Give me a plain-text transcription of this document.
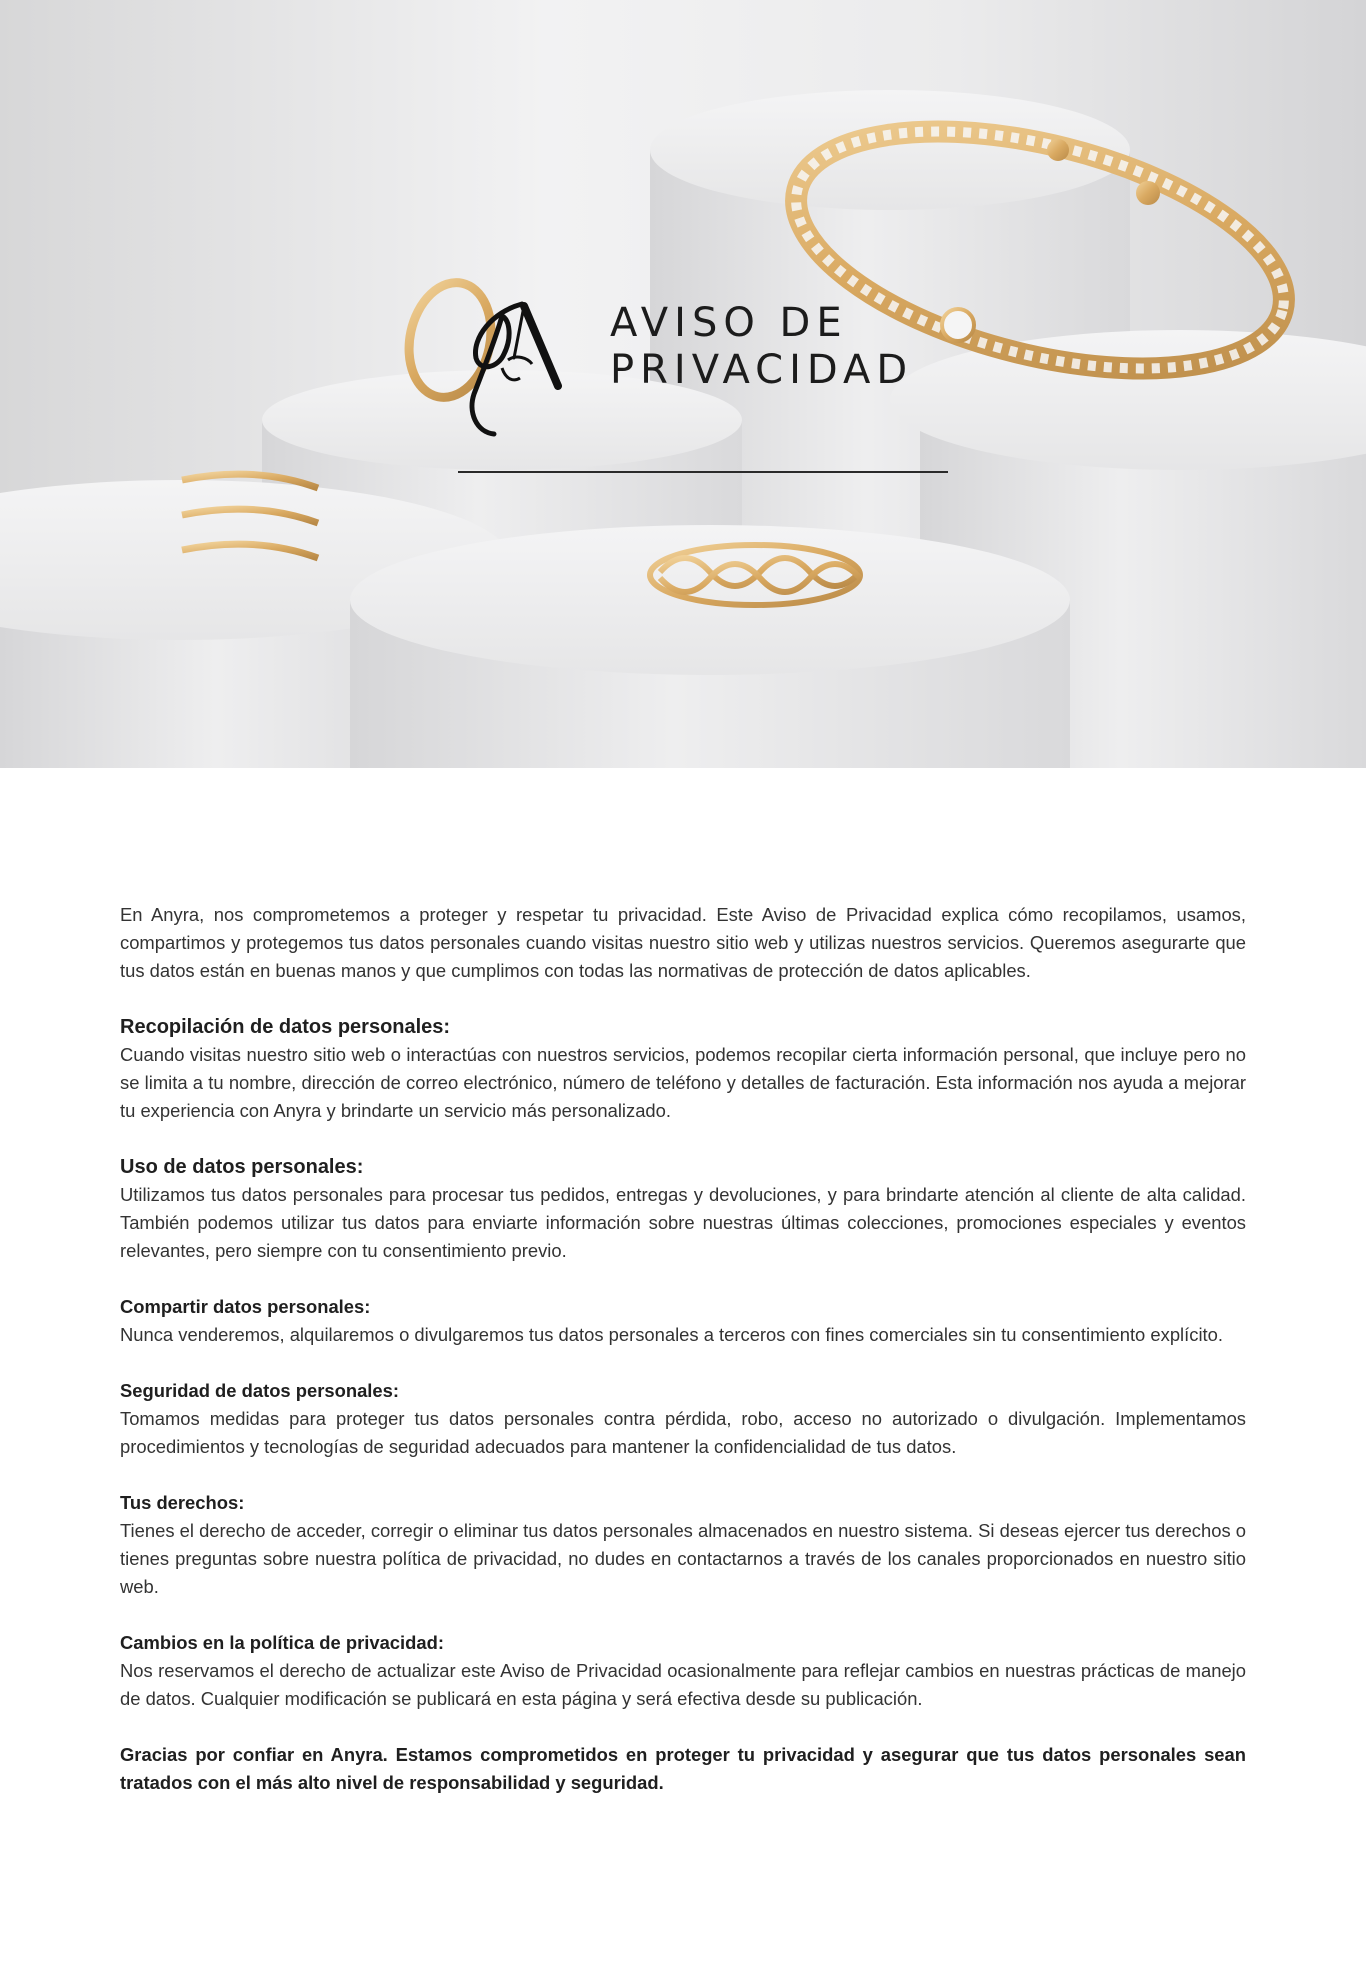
AVISO DE
PRIVACIDAD

En Anyra, nos comprometemos a proteger y respetar tu privacidad. Este Aviso de Privacidad explica cómo recopilamos, usamos, compartimos y protegemos tus datos personales cuando visitas nuestro sitio web y utilizas nuestros servicios. Queremos asegurarte que tus datos están en buenas manos y que cumplimos con todas las normativas de protección de datos aplicables.

Recopilación de datos personales:

Cuando visitas nuestro sitio web o interactúas con nuestros servicios, podemos recopilar cierta información personal, que incluye pero no se limita a tu nombre, dirección de correo electrónico, número de teléfono y detalles de facturación. Esta información nos ayuda a mejorar tu experiencia con Anyra y brindarte un servicio más personalizado.

Uso de datos personales:

Utilizamos tus datos personales para procesar tus pedidos, entregas y devoluciones, y para brindarte atención al cliente de alta calidad. También podemos utilizar tus datos para enviarte información sobre nuestras últimas colecciones, promociones especiales y eventos relevantes, pero siempre con tu consentimiento previo.

Compartir datos personales:

Nunca venderemos, alquilaremos o divulgaremos tus datos personales a terceros con fines comerciales sin tu consentimiento explícito.

Seguridad de datos personales:

Tomamos medidas para proteger tus datos personales contra pérdida, robo, acceso no autorizado o divulgación. Implementamos procedimientos y tecnologías de seguridad adecuados para mantener la confidencialidad de tus datos.

Tus derechos:

Tienes el derecho de acceder, corregir o eliminar tus datos personales almacenados en nuestro sistema. Si deseas ejercer tus derechos o tienes preguntas sobre nuestra política de privacidad, no dudes en contactarnos a través de los canales proporcionados en nuestro sitio web.

Cambios en la política de privacidad:

Nos reservamos el derecho de actualizar este Aviso de Privacidad ocasionalmente para reflejar cambios en nuestras prácticas de manejo de datos. Cualquier modificación se publicará en esta página y será efectiva desde su publicación.

Gracias por confiar en Anyra. Estamos comprometidos en proteger tu privacidad y asegurar que tus datos personales sean tratados con el más alto nivel de responsabilidad y seguridad.
